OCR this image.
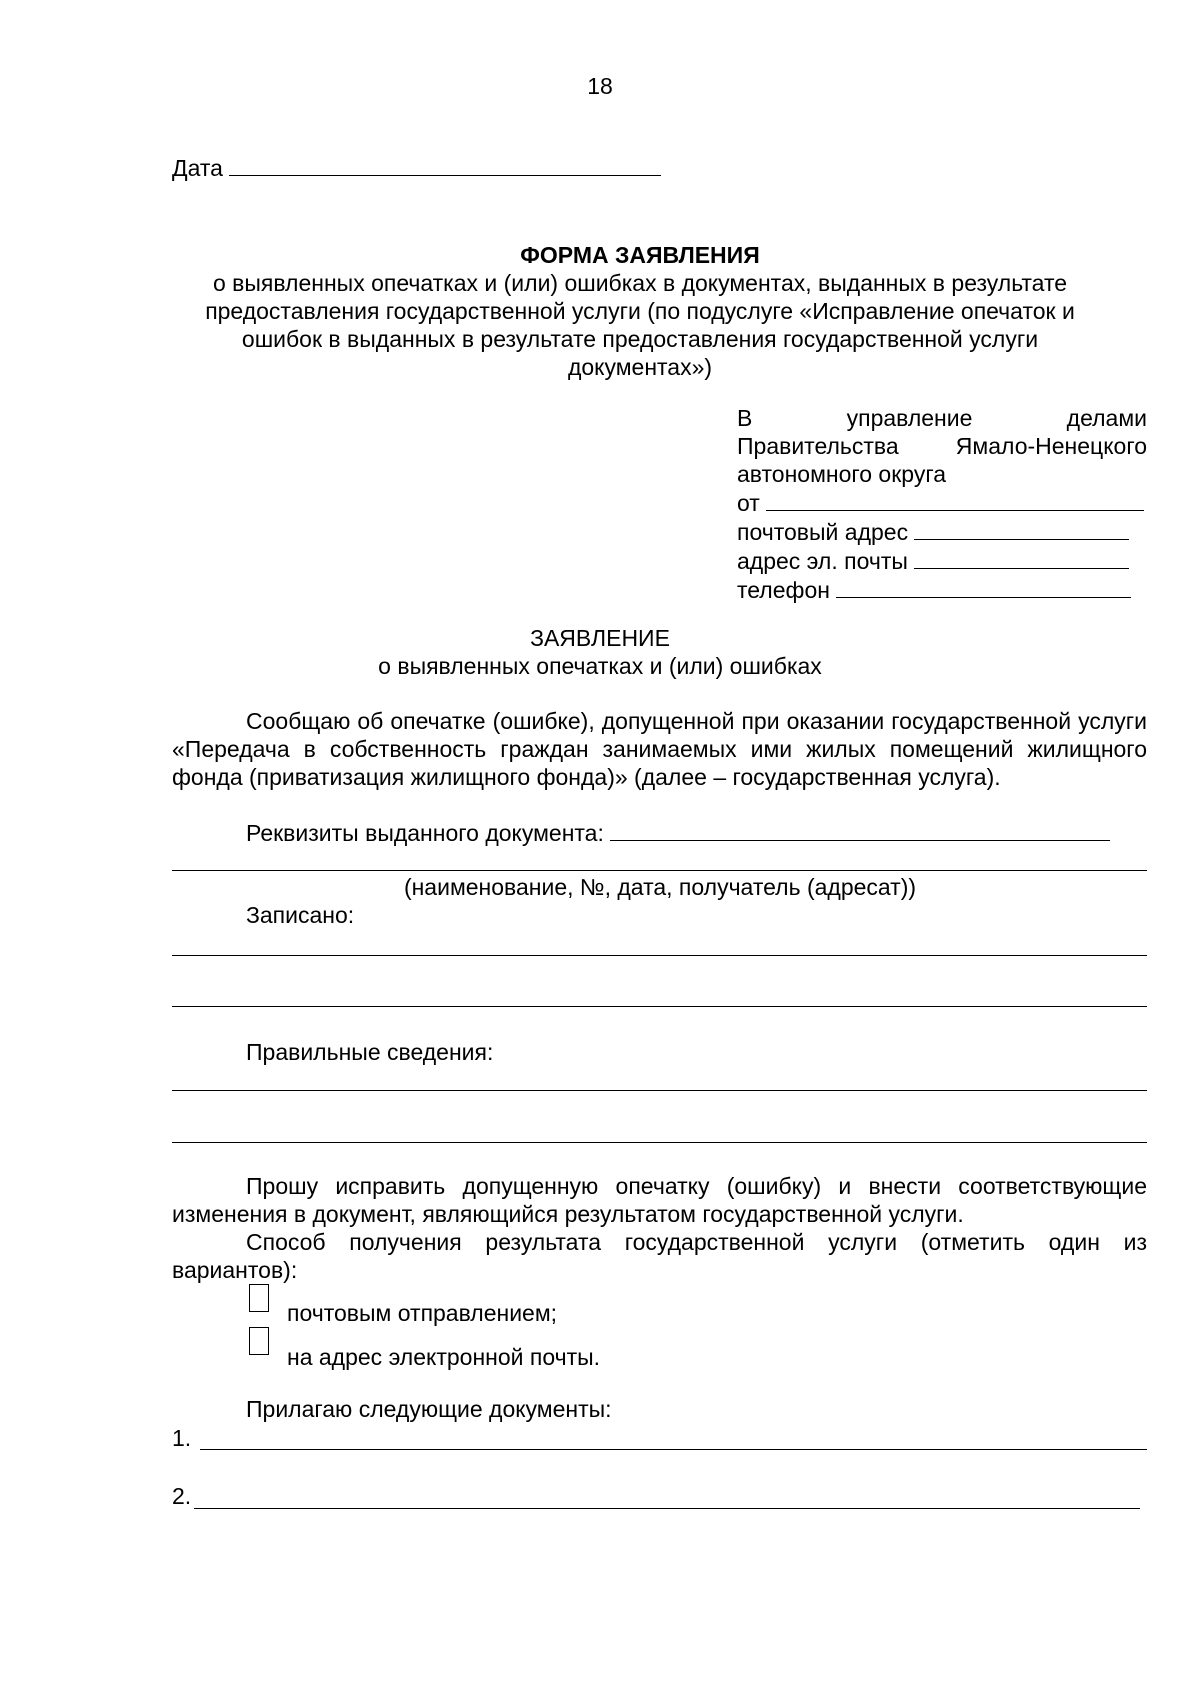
18
Дата
ФОРМА ЗАЯВЛЕНИЯ
о выявленных опечатках и (или) ошибках в документах, выданных в результате
предоставления государственной услуги (по подуслуге «Исправление опечаток и
ошибок в выданных в результате предоставления государственной услуги
документах»)
В управление делами
Правительства Ямало-Ненецкого
автономного округа
от
почтовый адрес
адрес эл. почты
телефон
ЗАЯВЛЕНИЕ
о выявленных опечатках и (или) ошибках
Сообщаю об опечатке (ошибке), допущенной при оказании государственной услуги «Передача в собственность граждан занимаемых ими жилых помещений жилищного фонда (приватизация жилищного фонда)» (далее – государственная услуга).
Реквизиты выданного документа:
(наименование, №, дата, получатель (адресат))
Записано:
Правильные сведения:
Прошу исправить допущенную опечатку (ошибку) и внести соответствующие изменения в документ, являющийся результатом государственной услуги.
Способ получения результата государственной услуги (отметить один из вариантов):
почтовым отправлением;
на адрес электронной почты.
Прилагаю следующие документы:
1.
2.
